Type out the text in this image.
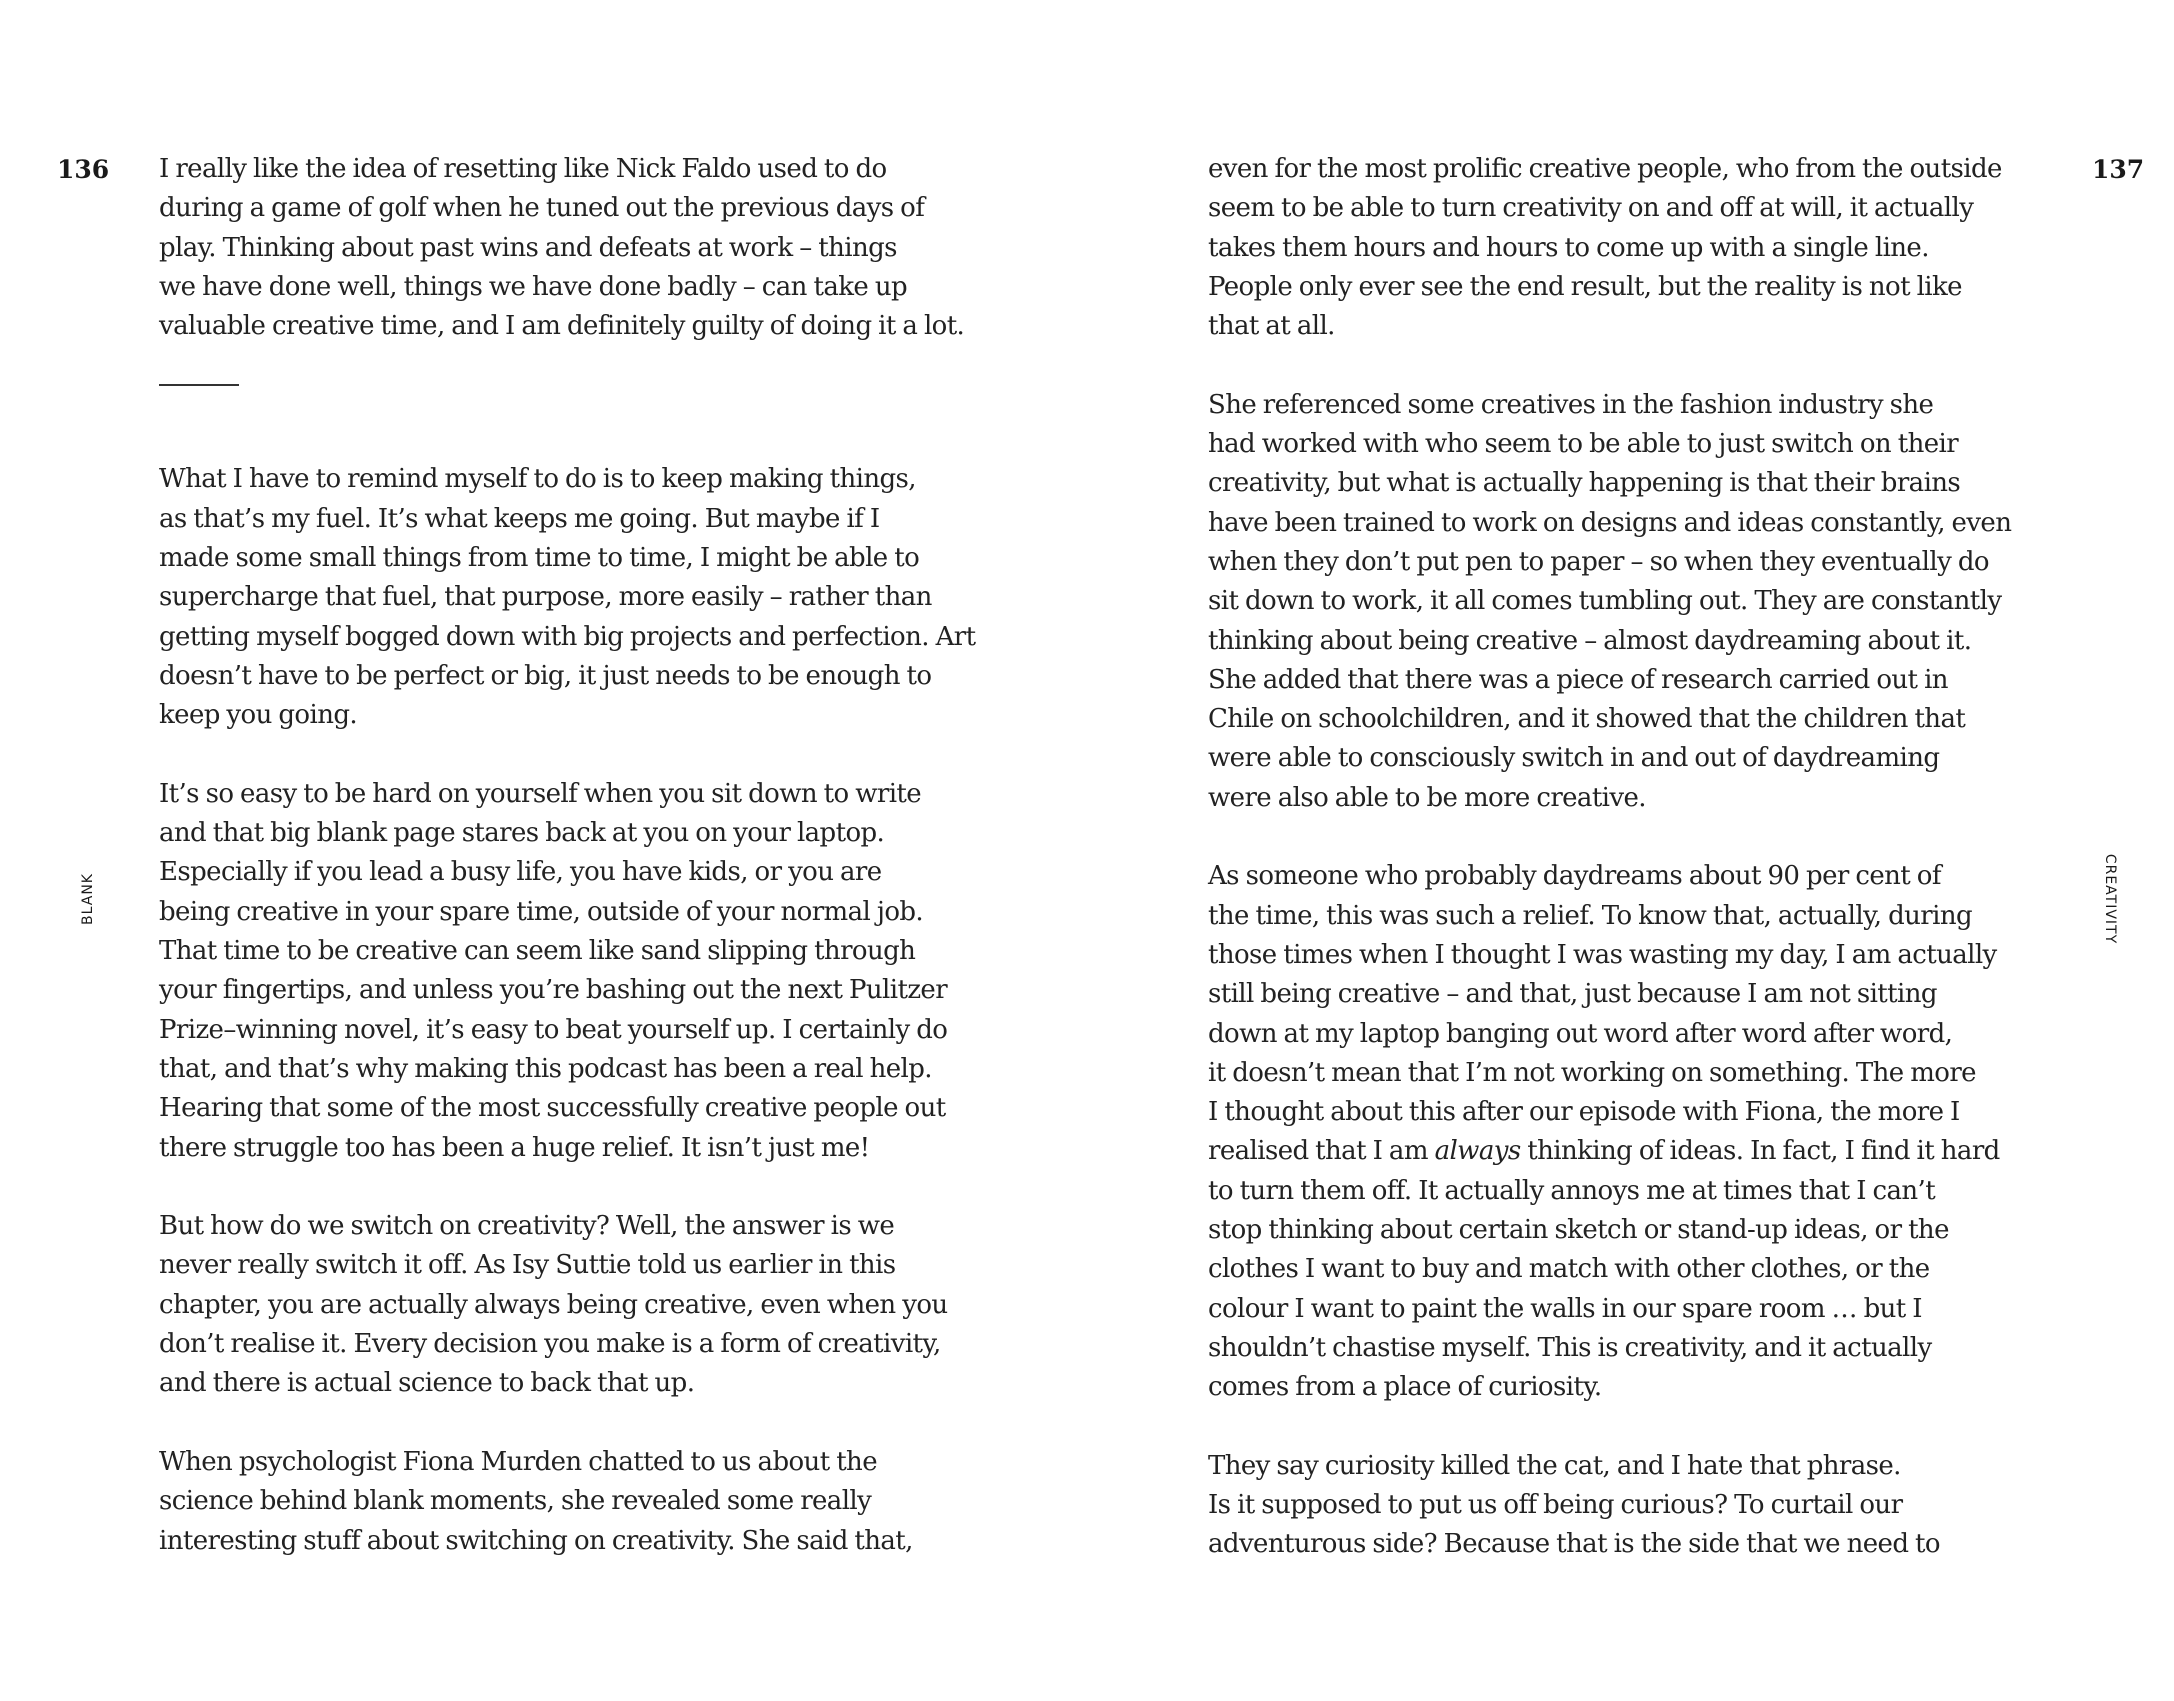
136
BLANK

I really like the idea of resetting like Nick Faldo used to do
during a game of golf when he tuned out the previous days of
play. Thinking about past wins and defeats at work – things
we have done well, things we have done badly – can take up
valuable creative time, and I am definitely guilty of doing it a lot.

What I have to remind myself to do is to keep making things,
as that’s my fuel. It’s what keeps me going. But maybe if I
made some small things from time to time, I might be able to
supercharge that fuel, that purpose, more easily – rather than
getting myself bogged down with big projects and perfection. Art
doesn’t have to be perfect or big, it just needs to be enough to
keep you going.

It’s so easy to be hard on yourself when you sit down to write
and that big blank page stares back at you on your laptop.
Especially if you lead a busy life, you have kids, or you are
being creative in your spare time, outside of your normal job.
That time to be creative can seem like sand slipping through
your fingertips, and unless you’re bashing out the next Pulitzer
Prize–winning novel, it’s easy to beat yourself up. I certainly do
that, and that’s why making this podcast has been a real help.
Hearing that some of the most successfully creative people out
there struggle too has been a huge relief. It isn’t just me!

But how do we switch on creativity? Well, the answer is we
never really switch it off. As Isy Suttie told us earlier in this
chapter, you are actually always being creative, even when you
don’t realise it. Every decision you make is a form of creativity,
and there is actual science to back that up.

When psychologist Fiona Murden chatted to us about the
science behind blank moments, she revealed some really
interesting stuff about switching on creativity. She said that,

137
CREATIVITY

even for the most prolific creative people, who from the outside
seem to be able to turn creativity on and off at will, it actually
takes them hours and hours to come up with a single line.
People only ever see the end result, but the reality is not like
that at all.

She referenced some creatives in the fashion industry she
had worked with who seem to be able to just switch on their
creativity, but what is actually happening is that their brains
have been trained to work on designs and ideas constantly, even
when they don’t put pen to paper – so when they eventually do
sit down to work, it all comes tumbling out. They are constantly
thinking about being creative – almost daydreaming about it.
She added that there was a piece of research carried out in
Chile on schoolchildren, and it showed that the children that
were able to consciously switch in and out of daydreaming
were also able to be more creative.

As someone who probably daydreams about 90 per cent of
the time, this was such a relief. To know that, actually, during
those times when I thought I was wasting my day, I am actually
still being creative – and that, just because I am not sitting
down at my laptop banging out word after word after word,
it doesn’t mean that I’m not working on something. The more
I thought about this after our episode with Fiona, the more I
realised that I am always thinking of ideas. In fact, I find it hard
to turn them off. It actually annoys me at times that I can’t
stop thinking about certain sketch or stand-up ideas, or the
clothes I want to buy and match with other clothes, or the
colour I want to paint the walls in our spare room … but I
shouldn’t chastise myself. This is creativity, and it actually
comes from a place of curiosity.

They say curiosity killed the cat, and I hate that phrase.
Is it supposed to put us off being curious? To curtail our
adventurous side? Because that is the side that we need to
